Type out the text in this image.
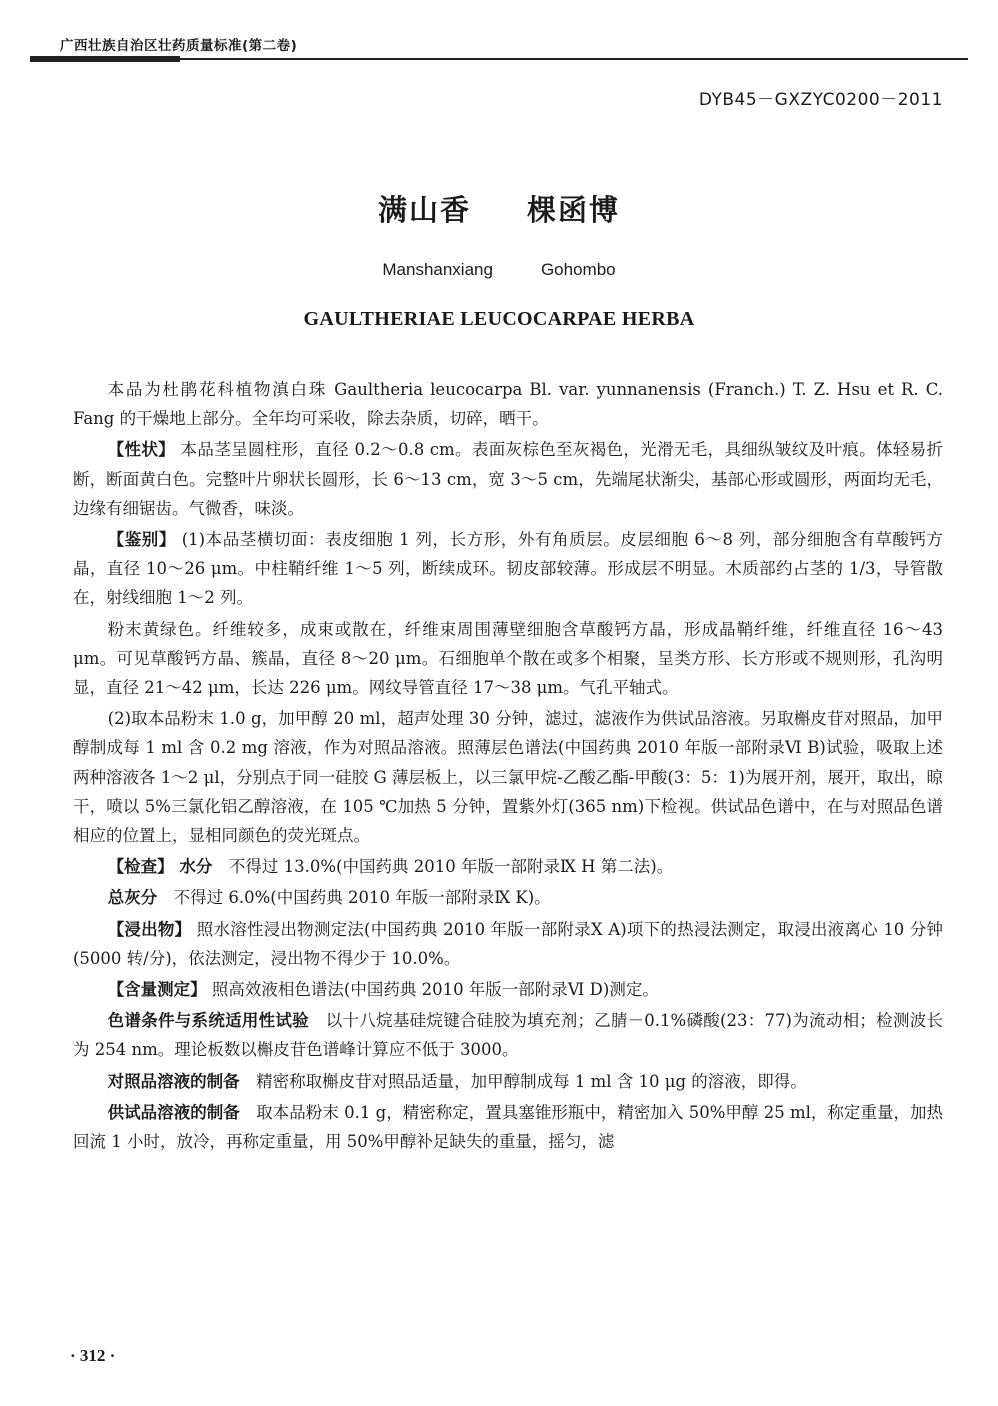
广西壮族自治区壮药质量标准(第二卷)
DYB45－GXZYC0200－2011
满山香 棵函博
Manshanxiang	Gohombo
GAULTHERIAE LEUCOCARPAE HERBA

本品为杜鹃花科植物滇白珠 Gaultheria leucocarpa Bl. var. yunnanensis (Franch.) T. Z. Hsu et R. C. Fang 的干燥地上部分。全年均可采收，除去杂质，切碎，晒干。

【性状】 本品茎呈圆柱形，直径 0.2～0.8 cm。表面灰棕色至灰褐色，光滑无毛，具细纵皱纹及叶痕。体轻易折断，断面黄白色。完整叶片卵状长圆形，长 6～13 cm，宽 3～5 cm，先端尾状渐尖，基部心形或圆形，两面均无毛，边缘有细锯齿。气微香，味淡。

【鉴别】 (1)本品茎横切面：表皮细胞 1 列，长方形，外有角质层。皮层细胞 6～8 列，部分细胞含有草酸钙方晶，直径 10～26 μm。中柱鞘纤维 1～5 列，断续成环。韧皮部较薄。形成层不明显。木质部约占茎的 1/3，导管散在，射线细胞 1～2 列。

粉末黄绿色。纤维较多，成束或散在，纤维束周围薄壁细胞含草酸钙方晶，形成晶鞘纤维，纤维直径 16～43 μm。可见草酸钙方晶、簇晶，直径 8～20 μm。石细胞单个散在或多个相聚，呈类方形、长方形或不规则形，孔沟明显，直径 21～42 μm，长达 226 μm。网纹导管直径 17～38 μm。气孔平轴式。

(2)取本品粉末 1.0 g，加甲醇 20 ml，超声处理 30 分钟，滤过，滤液作为供试品溶液。另取槲皮苷对照品，加甲醇制成每 1 ml 含 0.2 mg 溶液，作为对照品溶液。照薄层色谱法(中国药典 2010 年版一部附录Ⅵ B)试验，吸取上述两种溶液各 1～2 μl，分别点于同一硅胶 G 薄层板上，以三氯甲烷-乙酸乙酯-甲酸(3：5：1)为展开剂，展开，取出，晾干，喷以 5%三氯化铝乙醇溶液，在 105 ℃加热 5 分钟，置紫外灯(365 nm)下检视。供试品色谱中，在与对照品色谱相应的位置上，显相同颜色的荧光斑点。

【检查】 水分　 不得过 13.0%(中国药典 2010 年版一部附录Ⅸ H 第二法)。

总灰分　 不得过 6.0%(中国药典 2010 年版一部附录Ⅸ K)。

【浸出物】 照水溶性浸出物测定法(中国药典 2010 年版一部附录Ⅹ A)项下的热浸法测定，取浸出液离心 10 分钟(5000 转/分)，依法测定，浸出物不得少于 10.0%。

【含量测定】 照高效液相色谱法(中国药典 2010 年版一部附录Ⅵ D)测定。

色谱条件与系统适用性试验　 以十八烷基硅烷键合硅胶为填充剂；乙腈－0.1%磷酸(23：77)为流动相；检测波长为 254 nm。理论板数以槲皮苷色谱峰计算应不低于 3000。

对照品溶液的制备　 精密称取槲皮苷对照品适量，加甲醇制成每 1 ml 含 10 μg 的溶液，即得。

供试品溶液的制备　 取本品粉末 0.1 g，精密称定，置具塞锥形瓶中，精密加入 50%甲醇 25 ml，称定重量，加热回流 1 小时，放冷，再称定重量，用 50%甲醇补足缺失的重量，摇匀，滤

· 312 ·
